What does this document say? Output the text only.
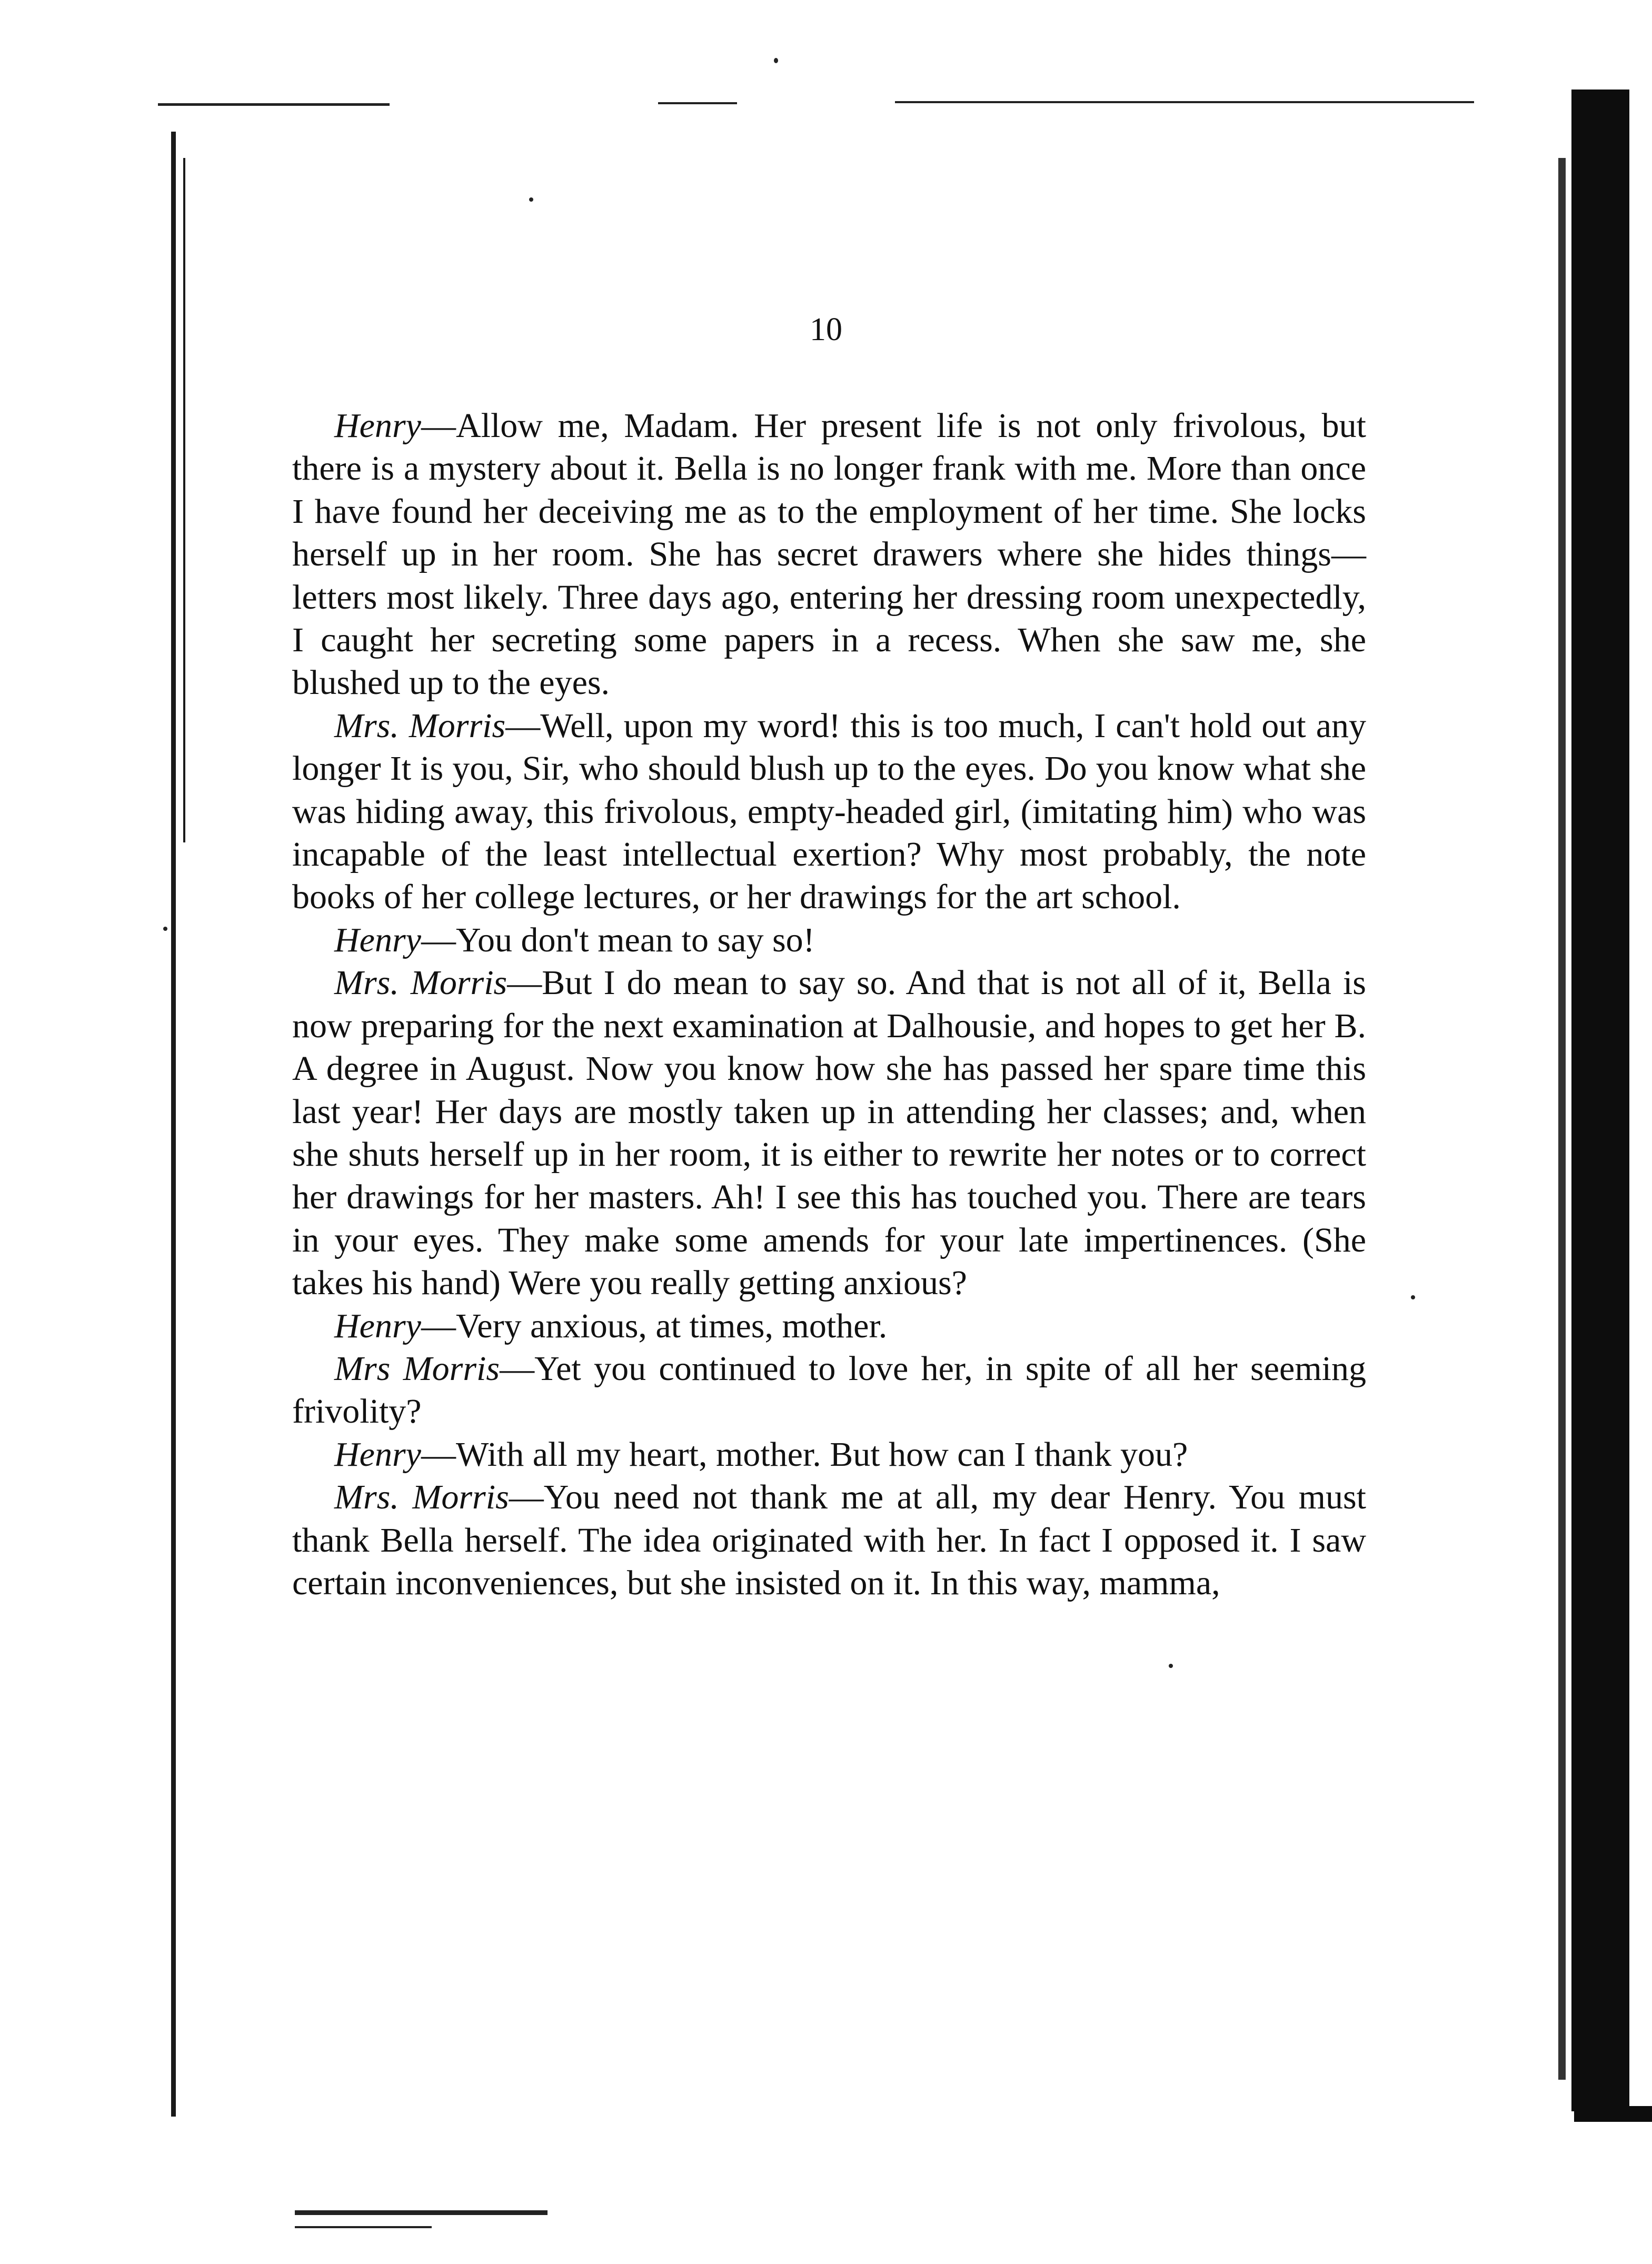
10

Henry—Allow me, Madam. Her present life is not only frivolous, but there is a mystery about it. Bella is no longer frank with me. More than once I have found her deceiving me as to the employment of her time. She locks herself up in her room. She has secret drawers where she hides things—letters most likely. Three days ago, entering her dressing room unexpectedly, I caught her secreting some papers in a recess. When she saw me, she blushed up to the eyes.

Mrs. Morris—Well, upon my word! this is too much, I can't hold out any longer It is you, Sir, who should blush up to the eyes. Do you know what she was hiding away, this frivolous, empty-headed girl, (imitating him) who was incapable of the least intellectual exertion? Why most probably, the note books of her college lectures, or her drawings for the art school.

Henry—You don't mean to say so!

Mrs. Morris—But I do mean to say so. And that is not all of it, Bella is now preparing for the next examination at Dalhousie, and hopes to get her B. A degree in August. Now you know how she has passed her spare time this last year! Her days are mostly taken up in attending her classes; and, when she shuts herself up in her room, it is either to rewrite her notes or to correct her drawings for her masters. Ah! I see this has touched you. There are tears in your eyes. They make some amends for your late impertinences. (She takes his hand) Were you really getting anxious?

Henry—Very anxious, at times, mother.

Mrs Morris—Yet you continued to love her, in spite of all her seeming frivolity?

Henry—With all my heart, mother. But how can I thank you?

Mrs. Morris—You need not thank me at all, my dear Henry. You must thank Bella herself. The idea originated with her. In fact I opposed it. I saw certain inconveniences, but she insisted on it. In this way, mamma,
